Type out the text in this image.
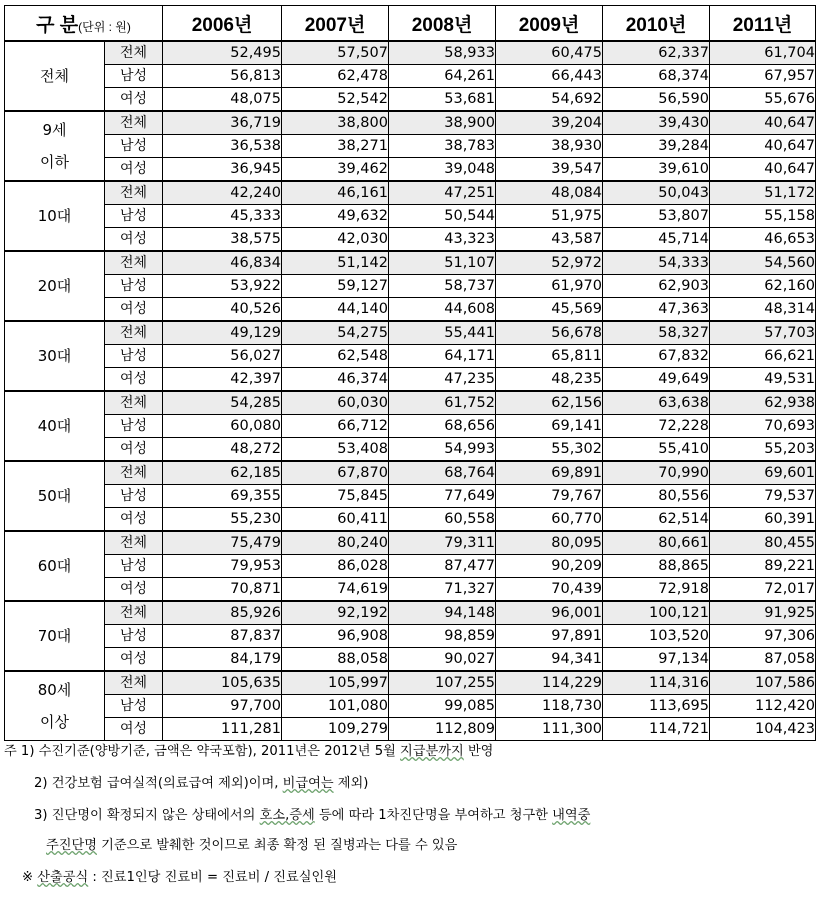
구 분(단위 : 원)		2006년	2007년	2008년	2009년	2010년	2011년

전체	전체	52,495	57,507	58,933	60,475	62,337	61,704
	남성	56,813	62,478	64,261	66,443	68,374	67,957
	여성	48,075	52,542	53,681	54,692	56,590	55,676

9세
이하	전체	36,719	38,800	38,900	39,204	39,430	40,647
	남성	36,538	38,271	38,783	38,930	39,284	40,647
	여성	36,945	39,462	39,048	39,547	39,610	40,647

10대	전체	42,240	46,161	47,251	48,084	50,043	51,172
	남성	45,333	49,632	50,544	51,975	53,807	55,158
	여성	38,575	42,030	43,323	43,587	45,714	46,653

20대	전체	46,834	51,142	51,107	52,972	54,333	54,560
	남성	53,922	59,127	58,737	61,970	62,903	62,160
	여성	40,526	44,140	44,608	45,569	47,363	48,314

30대	전체	49,129	54,275	55,441	56,678	58,327	57,703
	남성	56,027	62,548	64,171	65,811	67,832	66,621
	여성	42,397	46,374	47,235	48,235	49,649	49,531

40대	전체	54,285	60,030	61,752	62,156	63,638	62,938
	남성	60,080	66,712	68,656	69,141	72,228	70,693
	여성	48,272	53,408	54,993	55,302	55,410	55,203

50대	전체	62,185	67,870	68,764	69,891	70,990	69,601
	남성	69,355	75,845	77,649	79,767	80,556	79,537
	여성	55,230	60,411	60,558	60,770	62,514	60,391

60대	전체	75,479	80,240	79,311	80,095	80,661	80,455
	남성	79,953	86,028	87,477	90,209	88,865	89,221
	여성	70,871	74,619	71,327	70,439	72,918	72,017

70대	전체	85,926	92,192	94,148	96,001	100,121	91,925
	남성	87,837	96,908	98,859	97,891	103,520	97,306
	여성	84,179	88,058	90,027	94,341	97,134	87,058

80세
이상	전체	105,635	105,997	107,255	114,229	114,316	107,586
	남성	97,700	101,080	99,085	118,730	113,695	112,420
	여성	111,281	109,279	112,809	111,300	114,721	104,423
주 1) 수진기준(양방기준, 금액은 약국포함), 2011년은 2012년 5월 지급분까지 반영
2) 건강보험 급여실적(의료급여 제외)이며, 비급여는 제외)
3) 진단명이 확정되지 않은 상태에서의 호소,증세 등에 따라 1차진단명을 부여하고 청구한 내역중
주진단명 기준으로 발췌한 것이므로 최종 확정 된 질병과는 다를 수 있음
※ 산출공식 : 진료1인당 진료비 = 진료비 / 진료실인원
